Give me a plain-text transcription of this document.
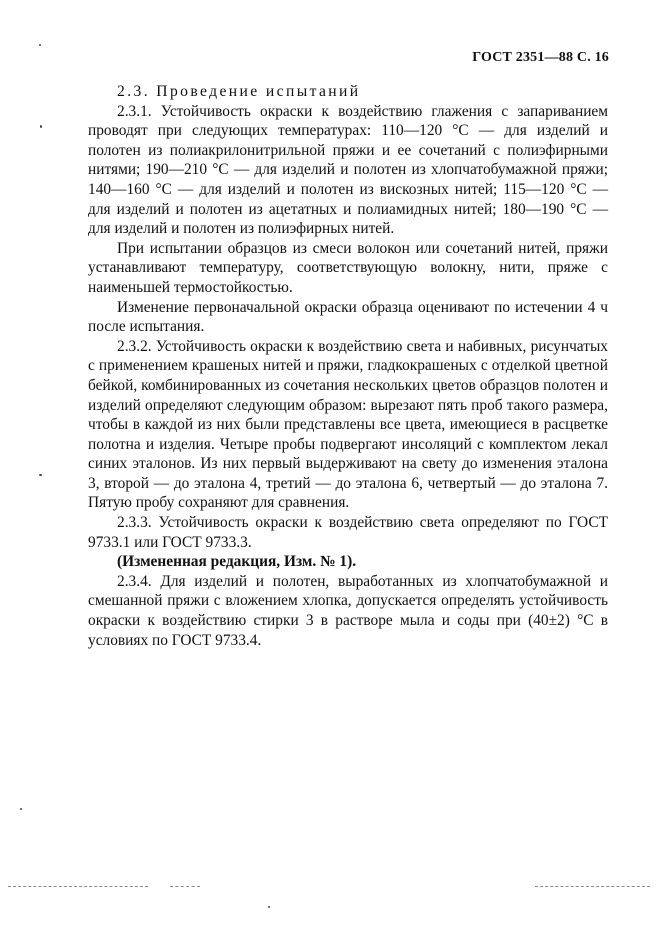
ГОСТ 2351—88 С. 16
2.3. Проведение испытаний

2.3.1. Устойчивость окраски к воздействию глажения с запариванием проводят при следующих температурах: 110—120 °С — для изделий и полотен из полиакрилонитрильной пряжи и ее сочетаний с полиэфирными нитями; 190—210 °С — для изделий и полотен из хлопчатобумажной пряжи; 140—160 °С — для изделий и полотен из вискозных нитей; 115—120 °С — для изделий и полотен из ацетатных и полиамидных нитей; 180—190 °С — для изделий и полотен из полиэфирных нитей.

При испытании образцов из смеси волокон или сочетаний нитей, пряжи устанавливают температуру, соответствующую волокну, нити, пряже с наименьшей термостойкостью.

Изменение первоначальной окраски образца оценивают по истечении 4 ч после испытания.

2.3.2. Устойчивость окраски к воздействию света и набивных, рисунчатых с применением крашеных нитей и пряжи, гладкокрашеных с отделкой цветной бейкой, комбинированных из сочетания нескольких цветов образцов полотен и изделий определяют следующим образом: вырезают пять проб такого размера, чтобы в каждой из них были представлены все цвета, имеющиеся в расцветке полотна и изделия. Четыре пробы подвергают инсоляций с комплектом лекал синих эталонов. Из них первый выдерживают на свету до изменения эталона 3, второй — до эталона 4, третий — до эталона 6, четвертый — до эталона 7. Пятую пробу сохраняют для сравнения.

2.3.3. Устойчивость окраски к воздействию света определяют по ГОСТ 9733.1 или ГОСТ 9733.3.

(Измененная редакция, Изм. № 1).

2.3.4. Для изделий и полотен, выработанных из хлопчатобумажной и смешанной пряжи с вложением хлопка, допускается определять устойчивость окраски к воздействию стирки 3 в растворе мыла и соды при (40±2) °С в условиях по ГОСТ 9733.4.
